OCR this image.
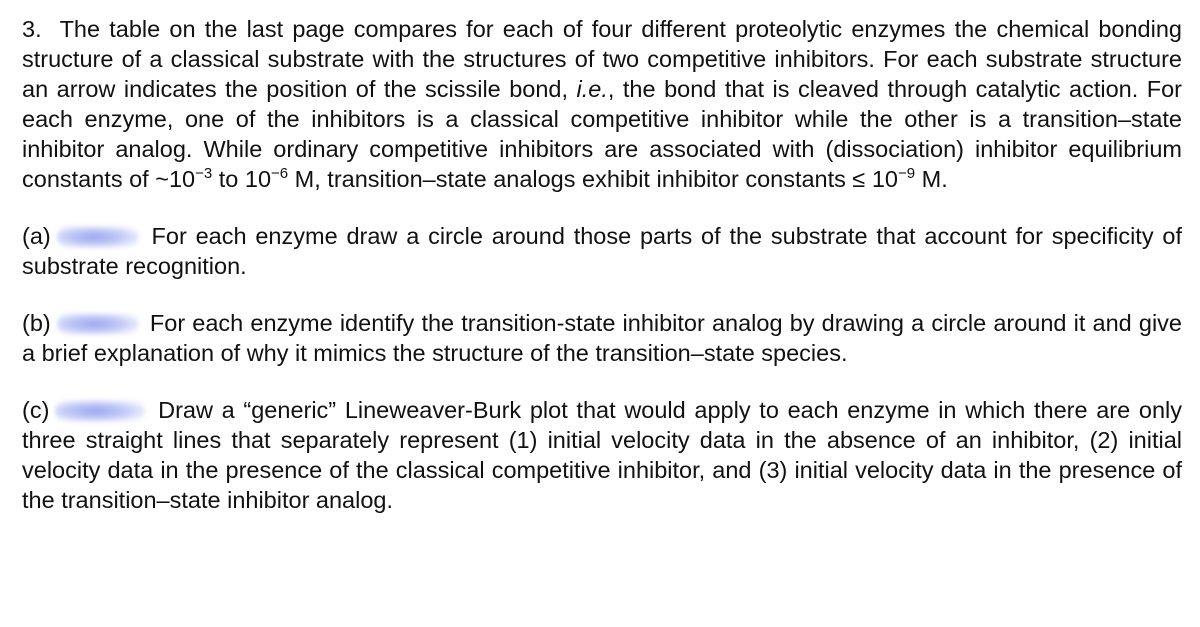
3. The table on the last page compares for each of four different proteolytic enzymes the chemical bonding structure of a classical substrate with the structures of two competitive inhibitors. For each substrate structure an arrow indicates the position of the scissile bond, i.e., the bond that is cleaved through catalytic action. For each enzyme, one of the inhibitors is a classical competitive inhibitor while the other is a transition–state inhibitor analog. While ordinary competitive inhibitors are associated with (dissociation) inhibitor equilibrium constants of $\sim 10^{-3}$ to $10^{-6}$ M, transition–state analogs exhibit inhibitor constants ≤ $10^{-9}$ M.

(a)	For each enzyme draw a circle around those parts of the substrate that account for specificity of substrate recognition.

(b)	For each enzyme identify the transition-state inhibitor analog by drawing a circle around it and give a brief explanation of why it mimics the structure of the transition–state species.

(c)	Draw a “generic” Lineweaver-Burk plot that would apply to each enzyme in which there are only three straight lines that separately represent (1) initial velocity data in the absence of an inhibitor, (2) initial velocity data in the presence of the classical competitive inhibitor, and (3) initial velocity data in the presence of the transition–state inhibitor analog.
